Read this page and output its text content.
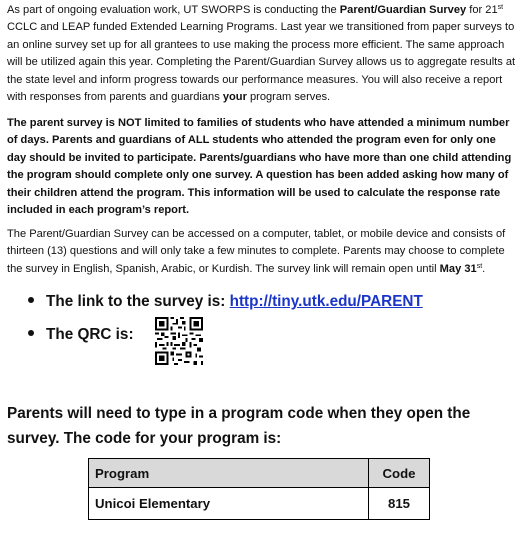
As part of ongoing evaluation work, UT SWORPS is conducting the Parent/Guardian Survey for 21st CCLC and LEAP funded Extended Learning Programs. Last year we transitioned from paper surveys to an online survey set up for all grantees to use making the process more efficient. The same approach will be utilized again this year. Completing the Parent/Guardian Survey allows us to aggregate results at the state level and inform progress towards our performance measures. You will also receive a report with responses from parents and guardians your program serves.

The parent survey is NOT limited to families of students who have attended a minimum number of days. Parents and guardians of ALL students who attended the program even for only one day should be invited to participate. Parents/guardians who have more than one child attending the program should complete only one survey. A question has been added asking how many of their children attend the program. This information will be used to calculate the response rate included in each program’s report.

The Parent/Guardian Survey can be accessed on a computer, tablet, or mobile device and consists of thirteen (13) questions and will only take a few minutes to complete. Parents may choose to complete the survey in English, Spanish, Arabic, or Kurdish. The survey link will remain open until May 31st.

The link to the survey is: http://tiny.utk.edu/PARENT
The QRC is:

Parents will need to type in a program code when they open the survey. The code for your program is:

Program	Code
Unicoi Elementary	815
